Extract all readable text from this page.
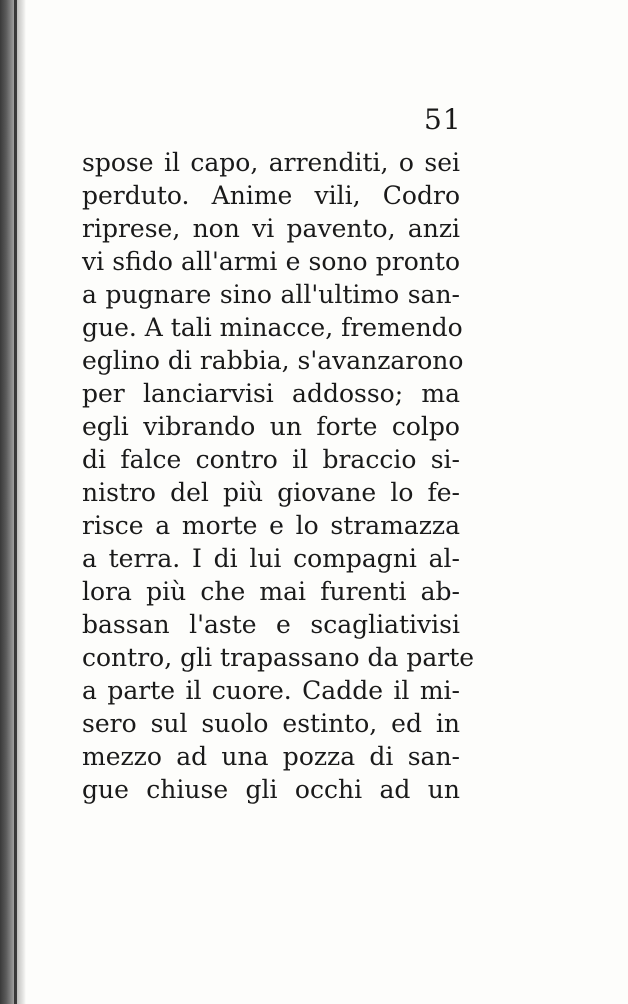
51
spose il capo, arrenditi, o sei
perduto. Anime vili, Codro
riprese, non vi pavento, anzi
vi sfido all'armi e sono pronto
a pugnare sino all'ultimo san-
gue. A tali minacce, fremendo
eglino di rabbia, s'avanzarono
per lanciarvisi addosso; ma
egli vibrando un forte colpo
di falce contro il braccio si-
nistro del più giovane lo fe-
risce a morte e lo stramazza
a terra. I di lui compagni al-
lora più che mai furenti ab-
bassan l'aste e scagliativisi
contro, gli trapassano da parte
a parte il cuore. Cadde il mi-
sero sul suolo estinto, ed in
mezzo ad una pozza di san-
gue chiuse gli occhi ad un
